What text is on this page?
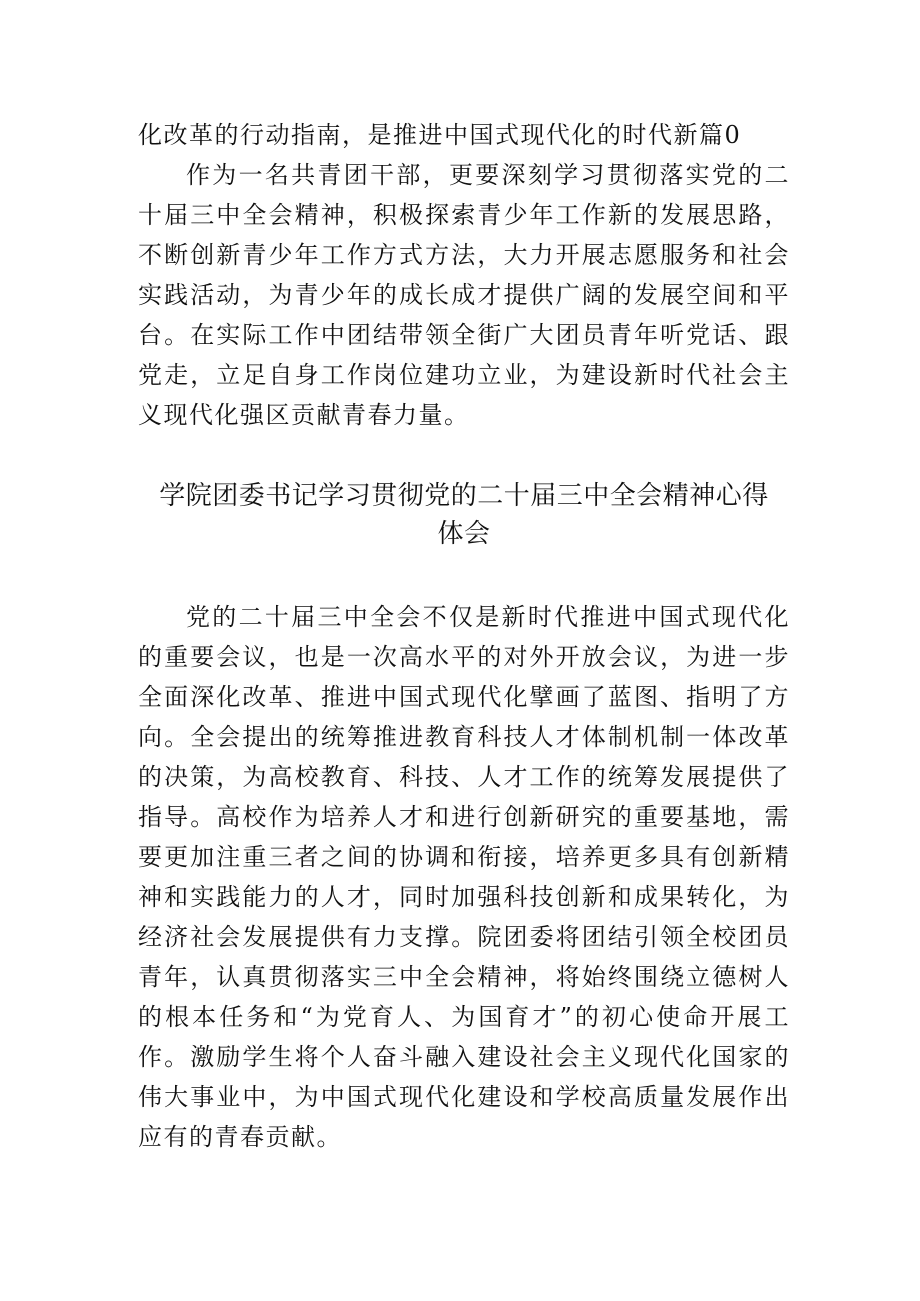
化改革的行动指南，是推进中国式现代化的时代新篇0

作为一名共青团干部，更要深刻学习贯彻落实党的二十届三中全会精神，积极探索青少年工作新的发展思路，不断创新青少年工作方式方法，大力开展志愿服务和社会实践活动，为青少年的成长成才提供广阔的发展空间和平台。在实际工作中团结带领全街广大团员青年听党话、跟党走，立足自身工作岗位建功立业，为建设新时代社会主义现代化强区贡献青春力量。

学院团委书记学习贯彻党的二十届三中全会精神心得
体会

党的二十届三中全会不仅是新时代推进中国式现代化的重要会议，也是一次高水平的对外开放会议，为进一步全面深化改革、推进中国式现代化擘画了蓝图、指明了方向。全会提出的统筹推进教育科技人才体制机制一体改革的决策，为高校教育、科技、人才工作的统筹发展提供了指导。高校作为培养人才和进行创新研究的重要基地，需要更加注重三者之间的协调和衔接，培养更多具有创新精神和实践能力的人才，同时加强科技创新和成果转化，为经济社会发展提供有力支撑。院团委将团结引领全校团员青年，认真贯彻落实三中全会精神，将始终围绕立德树人的根本任务和“为党育人、为国育才”的初心使命开展工作。激励学生将个人奋斗融入建设社会主义现代化国家的伟大事业中，为中国式现代化建设和学校高质量发展作出应有的青春贡献。
